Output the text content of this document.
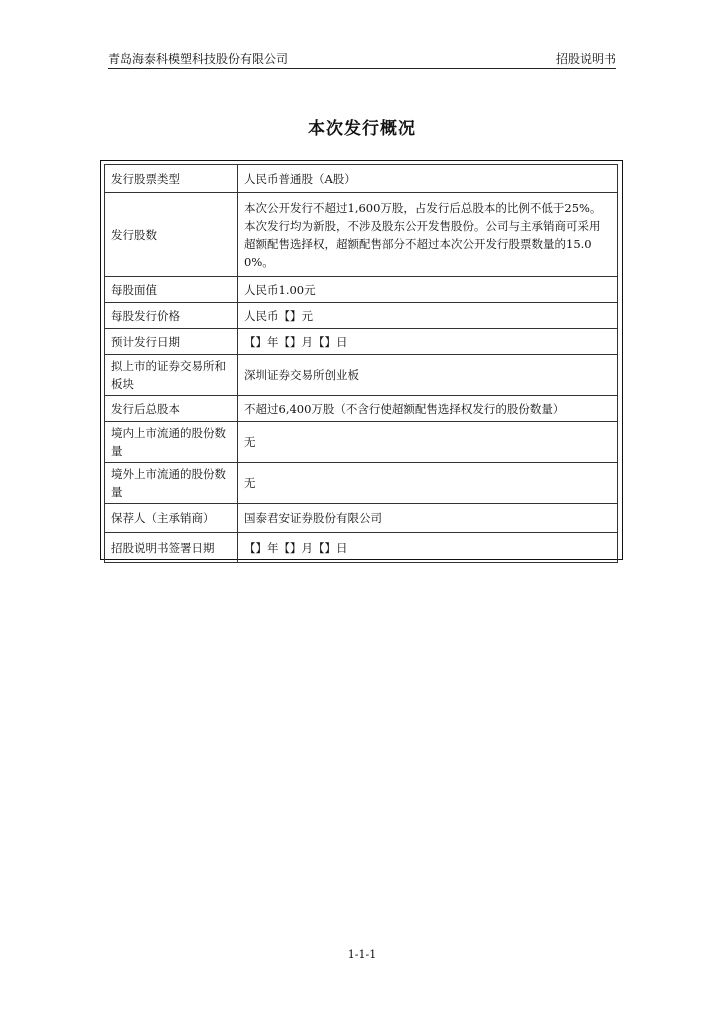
青岛海泰科模塑科技股份有限公司	招股说明书
本次发行概况
发行股票类型	人民币普通股（A股）
发行股数	本次公开发行不超过1,600万股，占发行后总股本的比例不低于25%。本次发行均为新股，不涉及股东公开发售股份。公司与主承销商可采用超额配售选择权，超额配售部分不超过本次公开发行股票数量的15.00%。
每股面值	人民币1.00元
每股发行价格	人民币【】元
预计发行日期	【】年【】月【】日
拟上市的证券交易所和板块	深圳证券交易所创业板
发行后总股本	不超过6,400万股（不含行使超额配售选择权发行的股份数量）
境内上市流通的股份数量	无
境外上市流通的股份数量	无
保荐人（主承销商）	国泰君安证券股份有限公司
招股说明书签署日期	【】年【】月【】日
1-1-1
